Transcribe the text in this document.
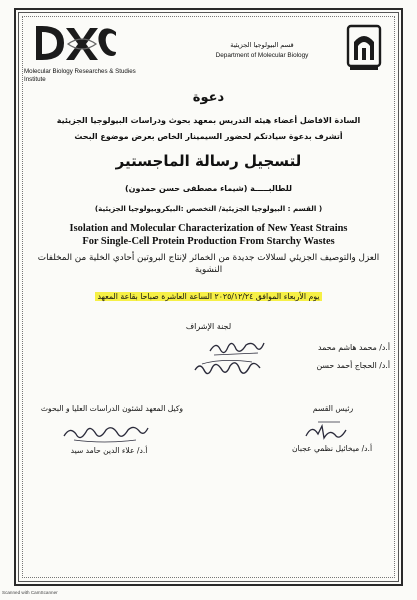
Molecular Biology Researches & Studies Institute
قسم البيولوجيا الجزيئية
Department of Molecular Biology
دعوة
السادة الافاضل أعضاء هيئه التدريس بمعهد بحوث ودراسات البيولوجيا الجزيئية
أتشرف بدعوة سيادتكم لحضور السيمينار الخاص بعرض موضوع البحث
لتسجيل رسالة الماجستير
للطالبـــــة (شيماء مصطفى حسن حمدون)
( القسم : البيولوجيا الجزيئية/ التخصص :البيكروبيولوجيا الجزيئية)
Isolation and Molecular Characterization of New Yeast Strains
For Single-Cell Protein Production From Starchy Wastes
العزل والتوصيف الجزيئي لسلالات جديدة من الخمائر لإنتاج البروتين أحادي الخلية من المخلفات النشوية
يوم الأربعاء الموافق ٢٠٢٥/١٢/٢٤ الساعة العاشرة صباحا بقاعة المعهد
لجنة الإشراف
أ.د/ محمد هاشم محمد
أ.د/ الحجاج أحمد حسن
رئيس القسم
وكيل المعهد لشئون الدراسات العليا و البحوث
أ.د/ ميخائيل نظمي عجبان
أ.د/ علاء الدين حامد سيد
Scanned with CamScanner
